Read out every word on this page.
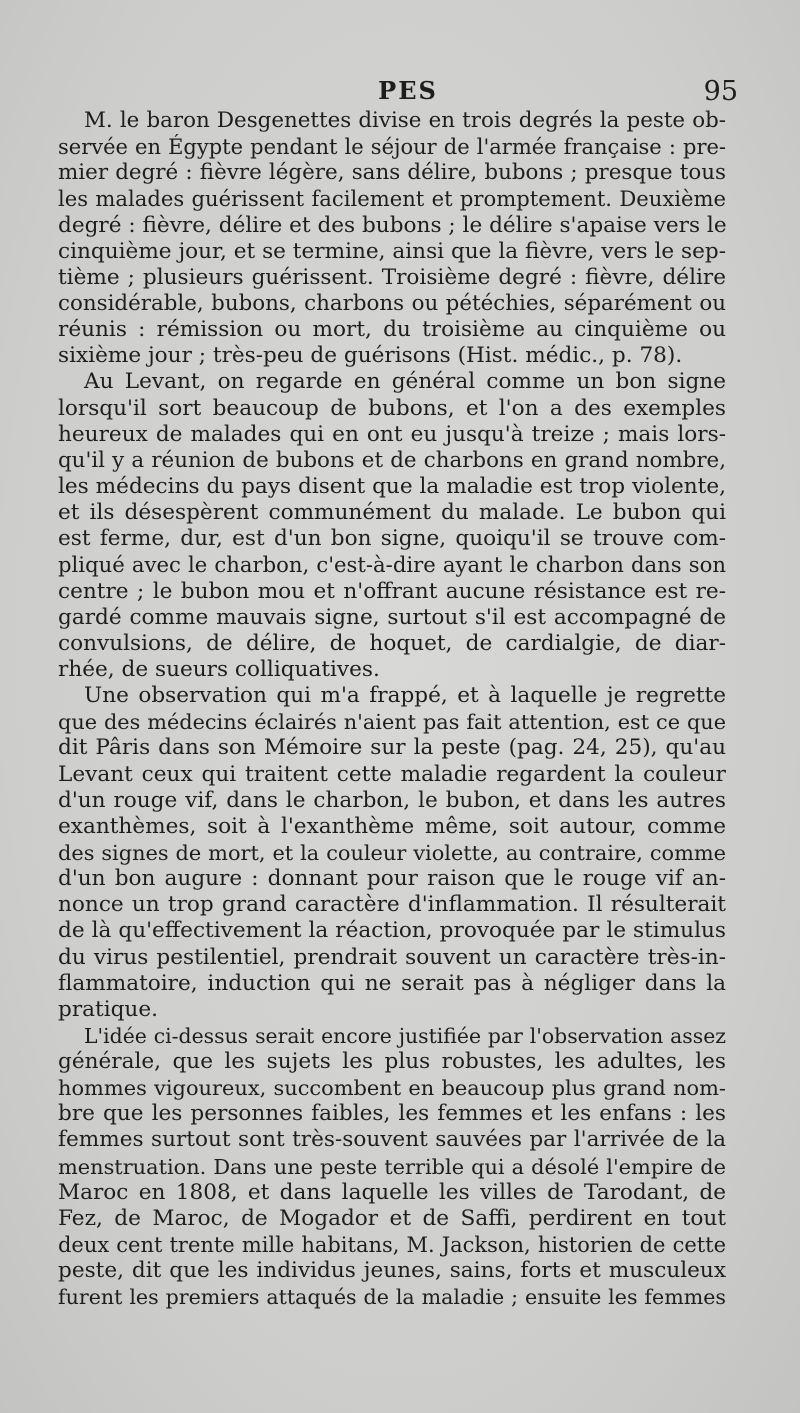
PES	95
M. le baron Desgenettes divise en trois degrés la peste ob-
servée en Égypte pendant le séjour de l'armée française : pre-
mier degré : fièvre légère, sans délire, bubons ; presque tous
les malades guérissent facilement et promptement. Deuxième
degré : fièvre, délire et des bubons ; le délire s'apaise vers le
cinquième jour, et se termine, ainsi que la fièvre, vers le sep-
tième ; plusieurs guérissent. Troisième degré : fièvre, délire
considérable, bubons, charbons ou pétéchies, séparément ou
réunis : rémission ou mort, du troisième au cinquième ou
sixième jour ; très-peu de guérisons (Hist. médic., p. 78).
Au Levant, on regarde en général comme un bon signe
lorsqu'il sort beaucoup de bubons, et l'on a des exemples
heureux de malades qui en ont eu jusqu'à treize ; mais lors-
qu'il y a réunion de bubons et de charbons en grand nombre,
les médecins du pays disent que la maladie est trop violente,
et ils désespèrent communément du malade. Le bubon qui
est ferme, dur, est d'un bon signe, quoiqu'il se trouve com-
pliqué avec le charbon, c'est-à-dire ayant le charbon dans son
centre ; le bubon mou et n'offrant aucune résistance est re-
gardé comme mauvais signe, surtout s'il est accompagné de
convulsions, de délire, de hoquet, de cardialgie, de diar-
rhée, de sueurs colliquatives.
Une observation qui m'a frappé, et à laquelle je regrette
que des médecins éclairés n'aient pas fait attention, est ce que
dit Pâris dans son Mémoire sur la peste (pag. 24, 25), qu'au
Levant ceux qui traitent cette maladie regardent la couleur
d'un rouge vif, dans le charbon, le bubon, et dans les autres
exanthèmes, soit à l'exanthème même, soit autour, comme
des signes de mort, et la couleur violette, au contraire, comme
d'un bon augure : donnant pour raison que le rouge vif an-
nonce un trop grand caractère d'inflammation. Il résulterait
de là qu'effectivement la réaction, provoquée par le stimulus
du virus pestilentiel, prendrait souvent un caractère très-in-
flammatoire, induction qui ne serait pas à négliger dans la
pratique.
L'idée ci-dessus serait encore justifiée par l'observation assez
générale, que les sujets les plus robustes, les adultes, les
hommes vigoureux, succombent en beaucoup plus grand nom-
bre que les personnes faibles, les femmes et les enfans : les
femmes surtout sont très-souvent sauvées par l'arrivée de la
menstruation. Dans une peste terrible qui a désolé l'empire de
Maroc en 1808, et dans laquelle les villes de Tarodant, de
Fez, de Maroc, de Mogador et de Saffi, perdirent en tout
deux cent trente mille habitans, M. Jackson, historien de cette
peste, dit que les individus jeunes, sains, forts et musculeux
furent les premiers attaqués de la maladie ; ensuite les femmes
